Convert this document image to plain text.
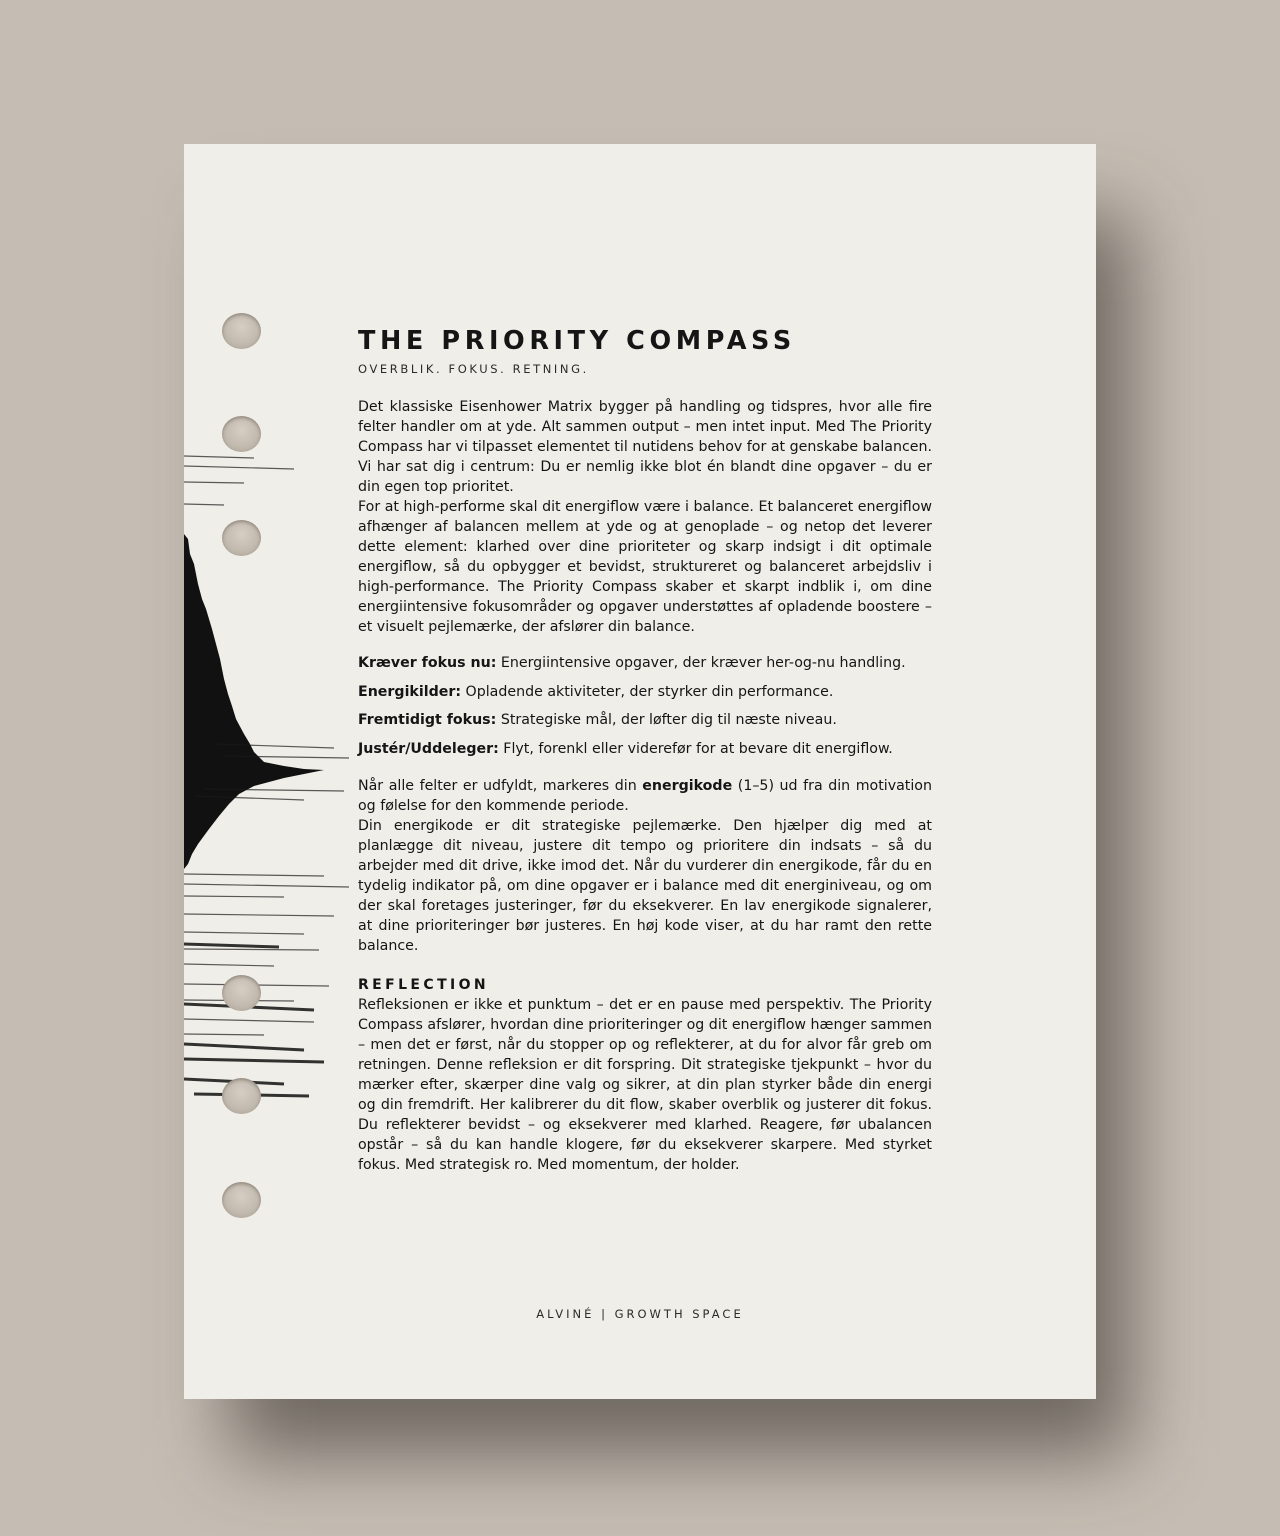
THE PRIORITY COMPASS
OVERBLIK. FOKUS. RETNING.

Det klassiske Eisenhower Matrix bygger på handling og tidspres, hvor alle fire felter handler om at yde. Alt sammen output – men intet input. Med The Priority Compass har vi tilpasset elementet til nutidens behov for at genskabe balancen. Vi har sat dig i centrum: Du er nemlig ikke blot én blandt dine opgaver – du er din egen top prioritet.

For at high-performe skal dit energiflow være i balance. Et balanceret energiflow afhænger af balancen mellem at yde og at genoplade – og netop det leverer dette element: klarhed over dine prioriteter og skarp indsigt i dit optimale energiflow, så du opbygger et bevidst, struktureret og balanceret arbejdsliv i high-performance. The Priority Compass skaber et skarpt indblik i, om dine energiintensive fokusområder og opgaver understøttes af opladende boostere – et visuelt pejlemærke, der afslører din balance.

Kræver fokus nu: Energiintensive opgaver, der kræver her-og-nu handling.

Energikilder: Opladende aktiviteter, der styrker din performance.

Fremtidigt fokus: Strategiske mål, der løfter dig til næste niveau.

Justér/Uddeleger: Flyt, forenkl eller viderefør for at bevare dit energiflow.

Når alle felter er udfyldt, markeres din energikode (1–5) ud fra din motivation og følelse for den kommende periode.

Din energikode er dit strategiske pejlemærke. Den hjælper dig med at planlægge dit niveau, justere dit tempo og prioritere din indsats – så du arbejder med dit drive, ikke imod det. Når du vurderer din energikode, får du en tydelig indikator på, om dine opgaver er i balance med dit energiniveau, og om der skal foretages justeringer, før du eksekverer. En lav energikode signalerer, at dine prioriteringer bør justeres. En høj kode viser, at du har ramt den rette balance.

REFLECTION

Refleksionen er ikke et punktum – det er en pause med perspektiv. The Priority Compass afslører, hvordan dine prioriteringer og dit energiflow hænger sammen – men det er først, når du stopper op og reflekterer, at du for alvor får greb om retningen. Denne refleksion er dit forspring. Dit strategiske tjekpunkt – hvor du mærker efter, skærper dine valg og sikrer, at din plan styrker både din energi og din fremdrift. Her kalibrerer du dit flow, skaber overblik og justerer dit fokus. Du reflekterer bevidst – og eksekverer med klarhed. Reagere, før ubalancen opstår – så du kan handle klogere, før du eksekverer skarpere. Med styrket fokus. Med strategisk ro. Med momentum, der holder.

ALVINÉ | GROWTH SPACE
